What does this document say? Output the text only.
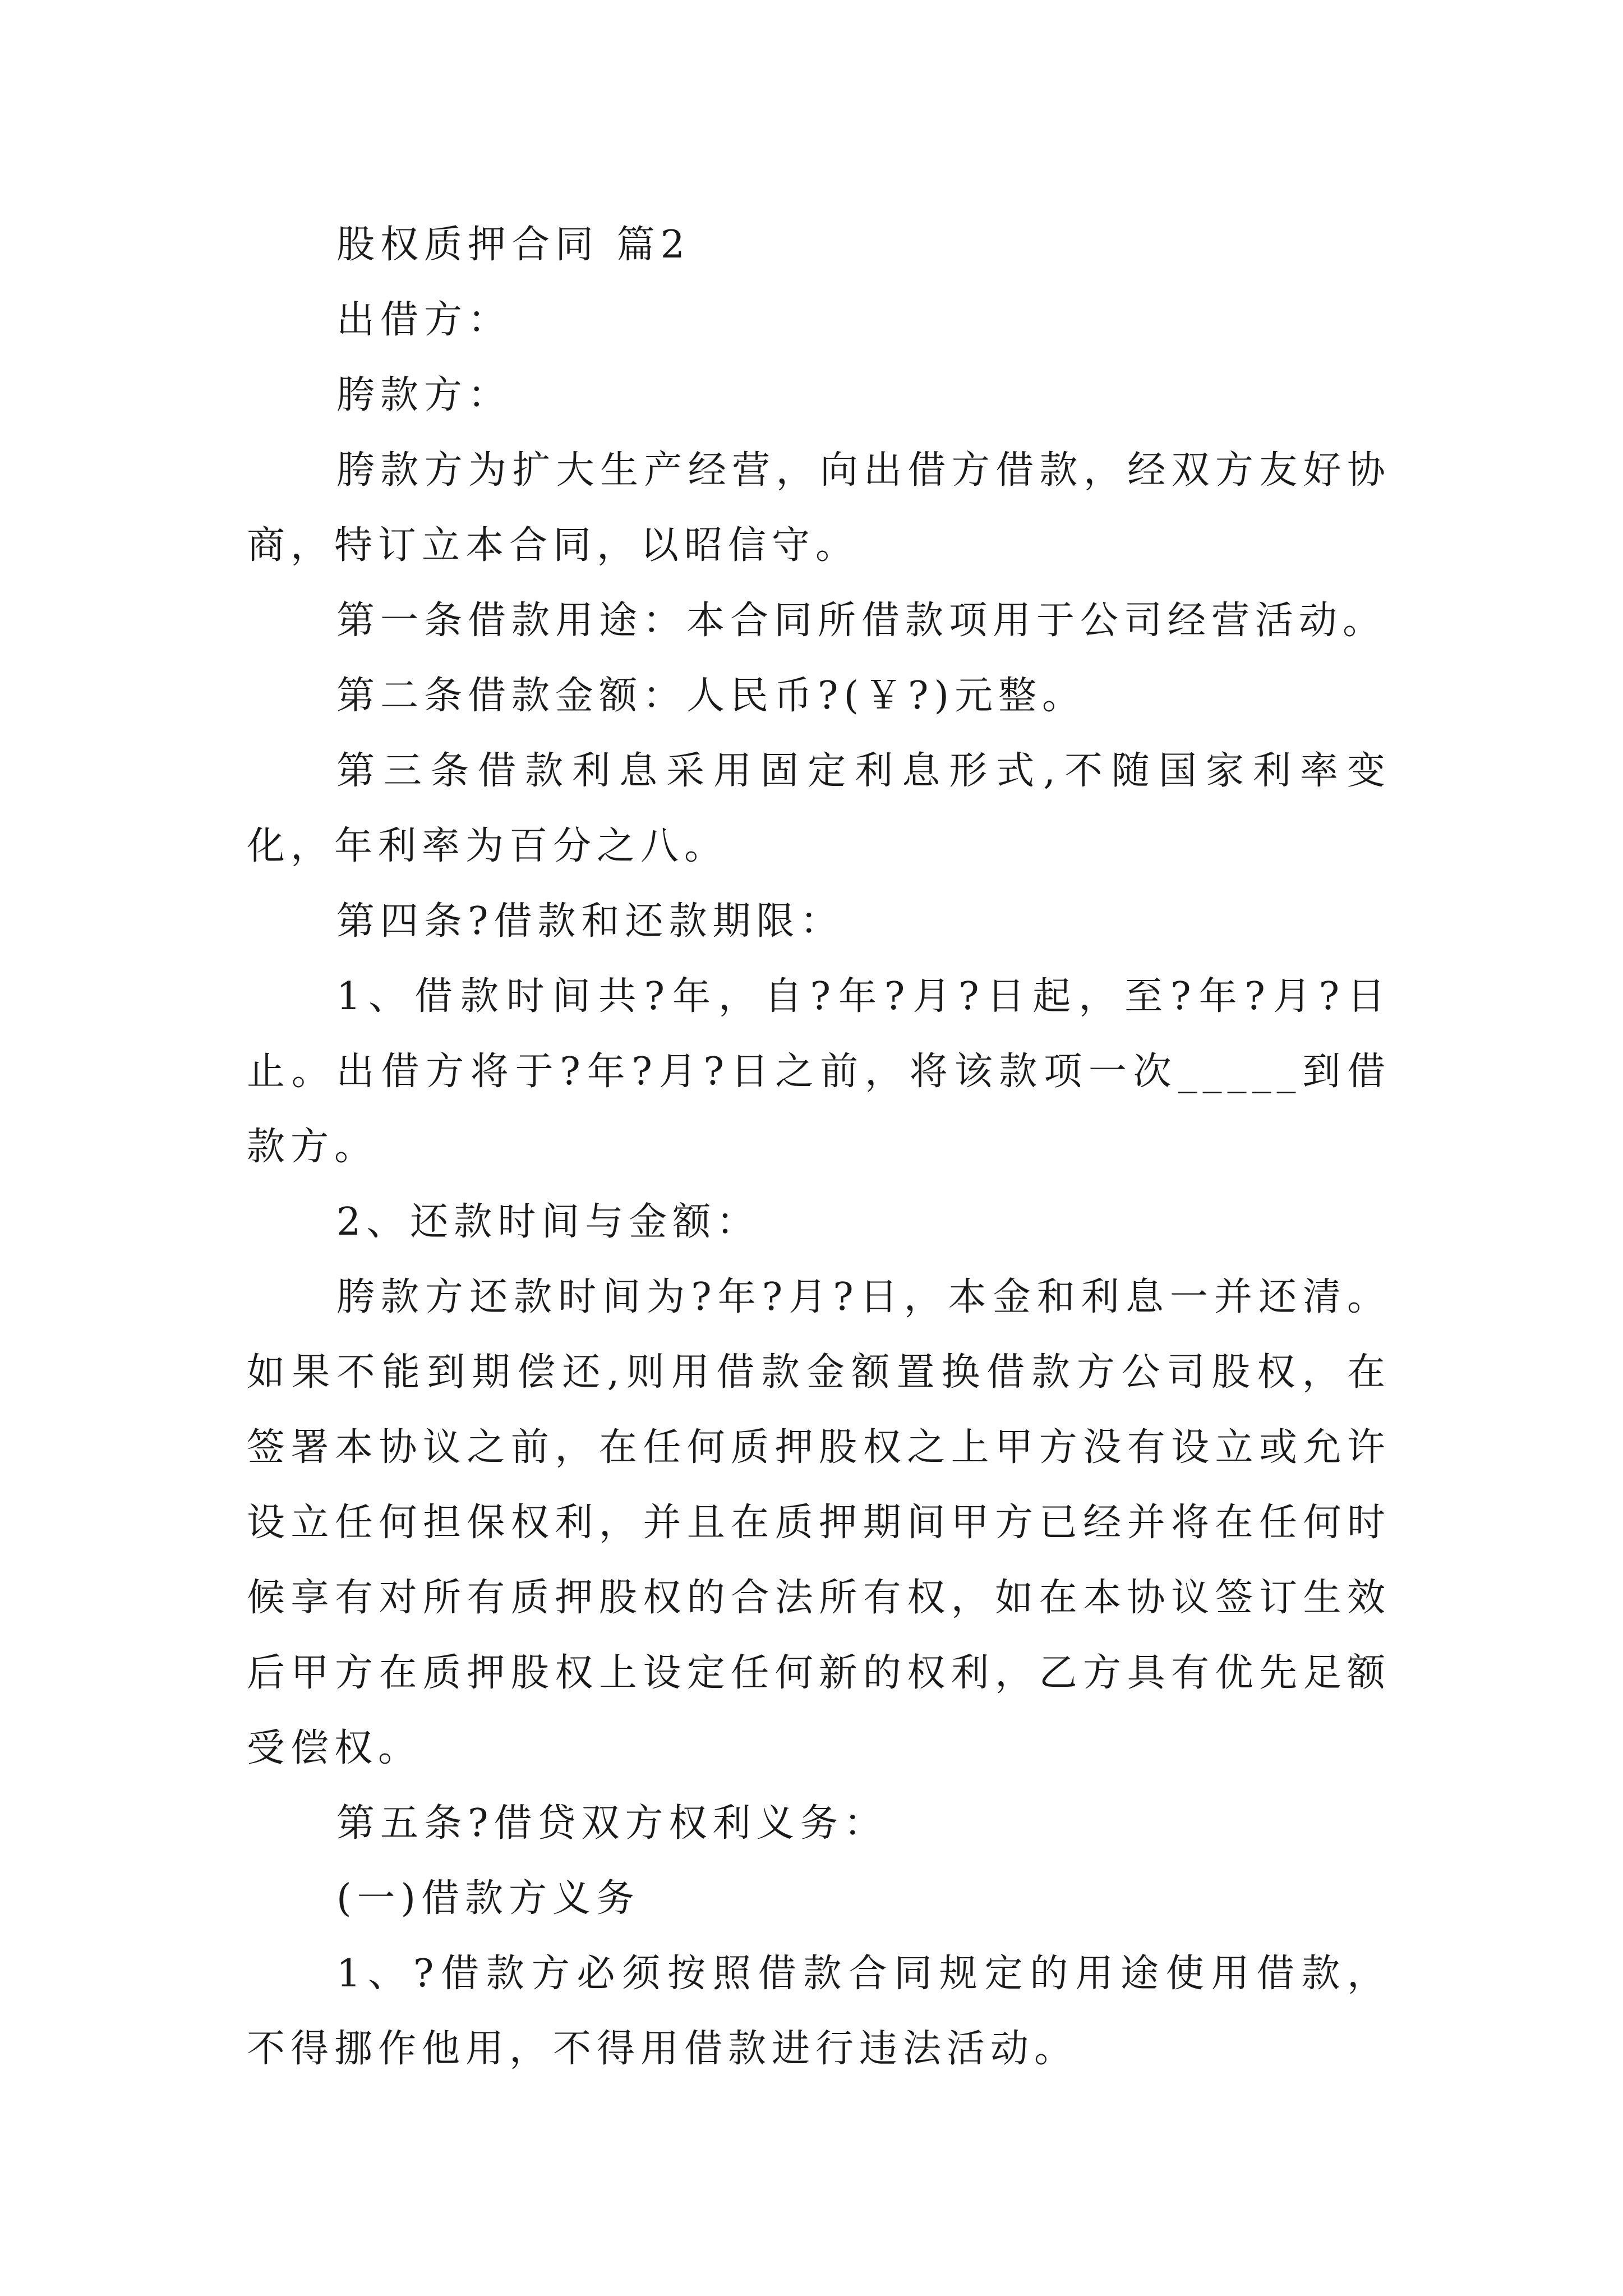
股权质押合同 篇2

出借方：

胯款方：

胯款方为扩大生产经营，向出借方借款，经双方友好协商，特订立本合同，以昭信守。

第一条借款用途：本合同所借款项用于公司经营活动。

第二条借款金额：人民币?(￥?)元整。

第三条借款利息采用固定利息形式,不随国家利率变化，年利率为百分之八。

第四条?借款和还款期限：

1、借款时间共?年，自?年?月?日起，至?年?月?日止。出借方将于?年?月?日之前，将该款项一次_____到借款方。

2、还款时间与金额：

胯款方还款时间为?年?月?日，本金和利息一并还清。如果不能到期偿还,则用借款金额置换借款方公司股权，在签署本协议之前，在任何质押股权之上甲方没有设立或允许设立任何担保权利，并且在质押期间甲方已经并将在任何时候享有对所有质押股权的合法所有权，如在本协议签订生效后甲方在质押股权上设定任何新的权利，乙方具有优先足额受偿权。

第五条?借贷双方权利义务：

(一)借款方义务

1、?借款方必须按照借款合同规定的用途使用借款，不得挪作他用，不得用借款进行违法活动。
